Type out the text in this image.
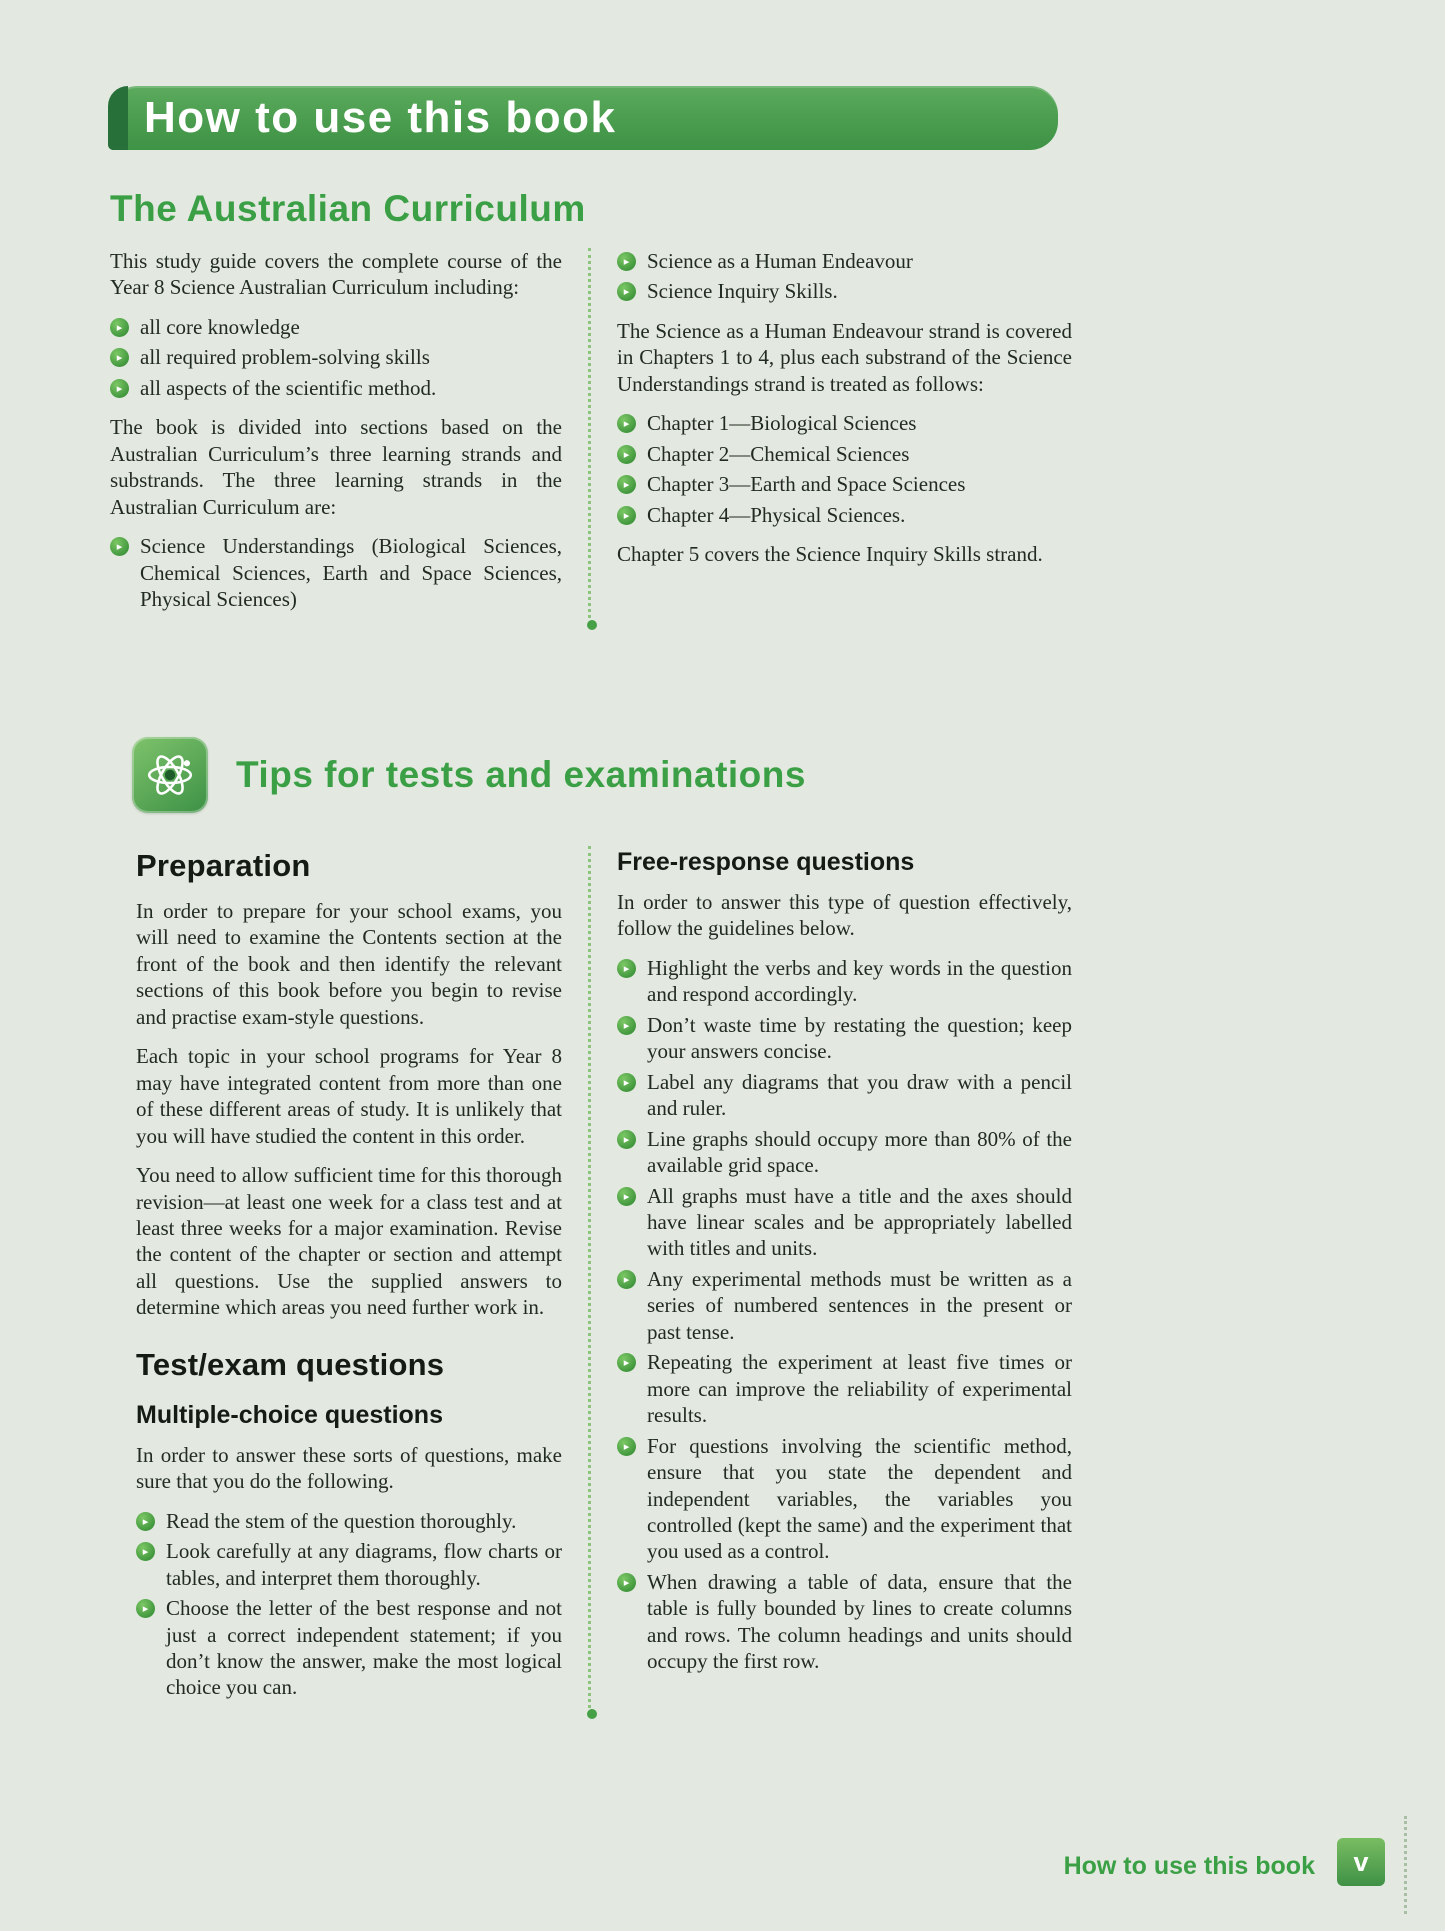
How to use this book
The Australian Curriculum

This study guide covers the complete course of the Year 8 Science Australian Curriculum including:

▸ all core knowledge
▸ all required problem-solving skills
▸ all aspects of the scientific method.

The book is divided into sections based on the Australian Curriculum’s three learning strands and substrands. The three learning strands in the Australian Curriculum are:

▸ Science Understandings (Biological Sciences, Chemical Sciences, Earth and Space Sciences, Physical Sciences)
▸ Science as a Human Endeavour
▸ Science Inquiry Skills.

The Science as a Human Endeavour strand is covered in Chapters 1 to 4, plus each substrand of the Science Understandings strand is treated as follows:

▸ Chapter 1—Biological Sciences
▸ Chapter 2—Chemical Sciences
▸ Chapter 3—Earth and Space Sciences
▸ Chapter 4—Physical Sciences.

Chapter 5 covers the Science Inquiry Skills strand.

Tips for tests and examinations
Preparation

In order to prepare for your school exams, you will need to examine the Contents section at the front of the book and then identify the relevant sections of this book before you begin to revise and practise exam-style questions.

Each topic in your school programs for Year 8 may have integrated content from more than one of these different areas of study. It is unlikely that you will have studied the content in this order.

You need to allow sufficient time for this thorough revision—at least one week for a class test and at least three weeks for a major examination. Revise the content of the chapter or section and attempt all questions. Use the supplied answers to determine which areas you need further work in.

Test/exam questions
Multiple-choice questions

In order to answer these sorts of questions, make sure that you do the following.

▸ Read the stem of the question thoroughly.
▸ Look carefully at any diagrams, flow charts or tables, and interpret them thoroughly.
▸ Choose the letter of the best response and not just a correct independent statement; if you don’t know the answer, make the most logical choice you can.
Free-response questions

In order to answer this type of question effectively, follow the guidelines below.

▸ Highlight the verbs and key words in the question and respond accordingly.
▸ Don’t waste time by restating the question; keep your answers concise.
▸ Label any diagrams that you draw with a pencil and ruler.
▸ Line graphs should occupy more than 80% of the available grid space.
▸ All graphs must have a title and the axes should have linear scales and be appropriately labelled with titles and units.
▸ Any experimental methods must be written as a series of numbered sentences in the present or past tense.
▸ Repeating the experiment at least five times or more can improve the reliability of experimental results.
▸ For questions involving the scientific method, ensure that you state the dependent and independent variables, the variables you controlled (kept the same) and the experiment that you used as a control.
▸ When drawing a table of data, ensure that the table is fully bounded by lines to create columns and rows. The column headings and units should occupy the first row.
How to use this book	v
